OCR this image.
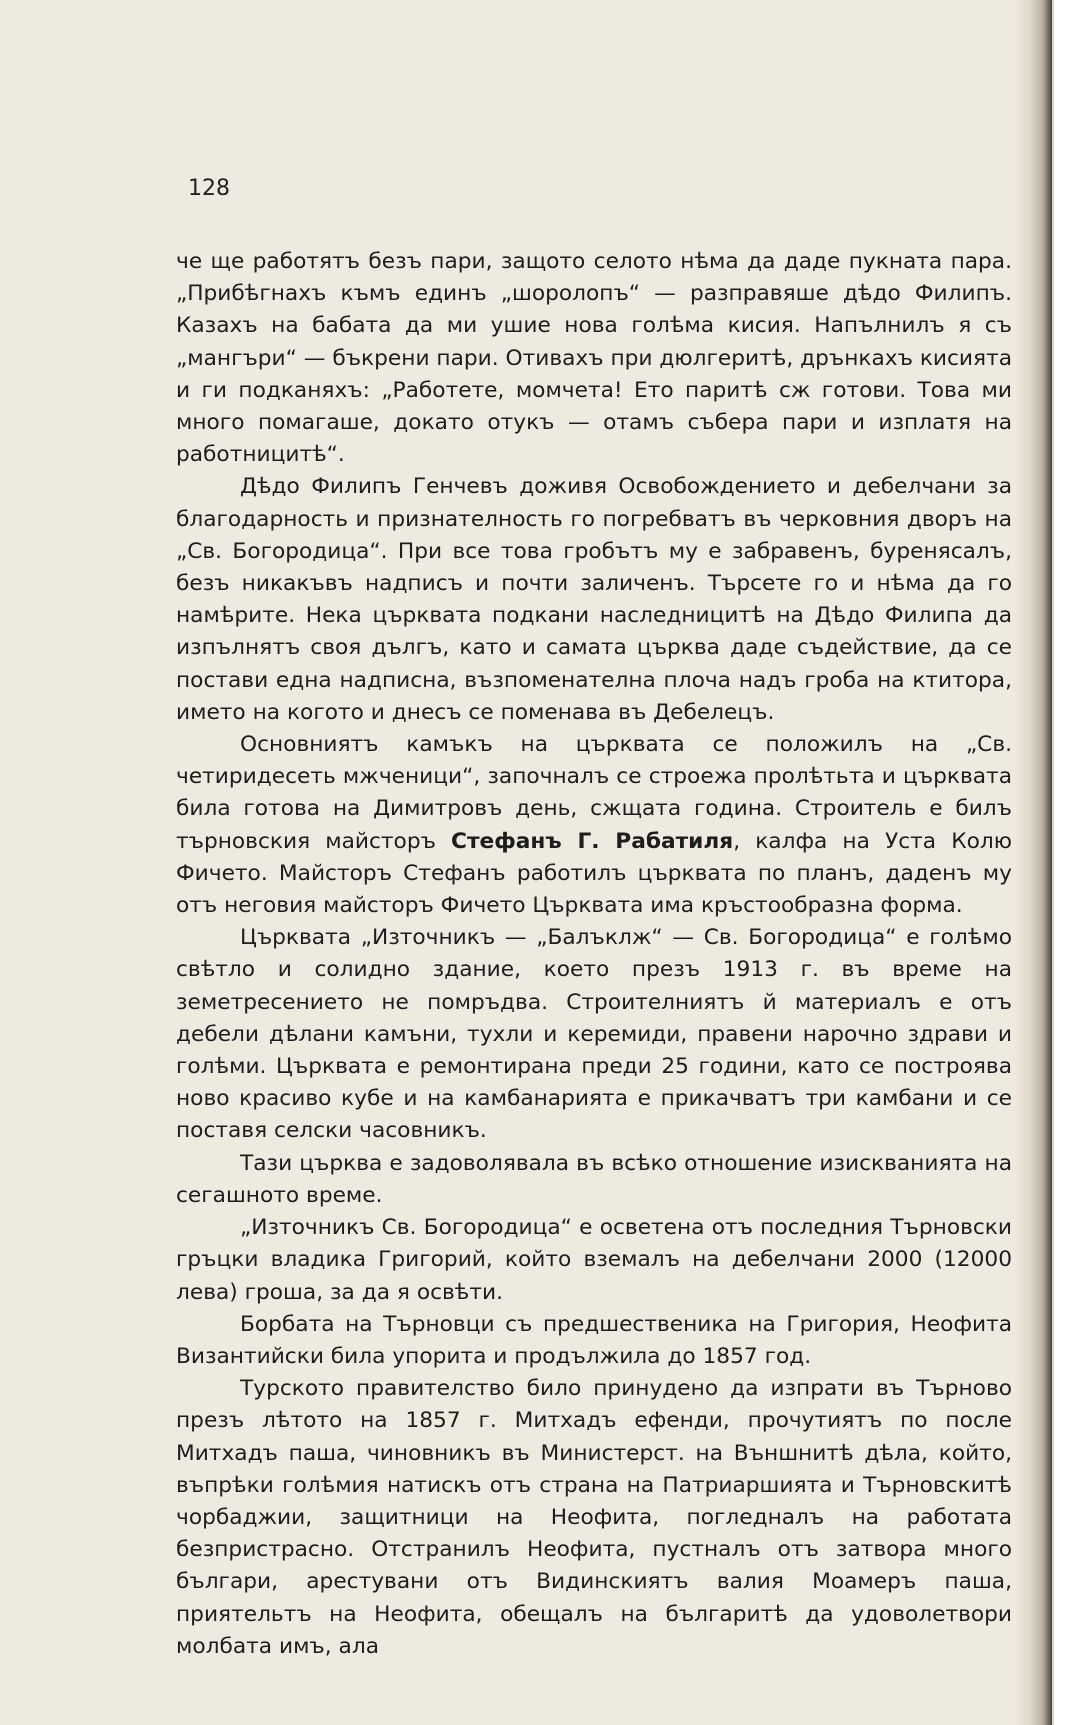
128

че ще работятъ безъ пари, защото селото нѣма да даде пукната пара. „Прибѣгнахъ къмъ единъ „шоролопъ“ — разправяше дѣдо Филипъ. Казахъ на бабата да ми ушие нова голѣма кисия. Напълнилъ я съ „мангъри“ — бъкрени пари. Отивахъ при дюлгеритѣ, дрънкахъ кисията и ги подканяхъ: „Работете, момчета! Ето паритѣ сж готови. Това ми много помагаше, докато отукъ — отамъ събера пари и изплатя на работницитѣ“.

Дѣдо Филипъ Генчевъ доживя Освобождението и дебелчани за благодарность и признателность го погребватъ въ черковния дворъ на „Св. Богородица“. При все това гробътъ му е забравенъ, буренясалъ, безъ никакъвъ надписъ и почти заличенъ. Търсете го и нѣма да го намѣрите. Нека църквата подкани наследницитѣ на Дѣдо Филипа да изпълнятъ своя дългъ, като и самата църква даде съдействие, да се постави една надписна, възпоменателна плоча надъ гроба на ктитора, името на когото и днесъ се поменава въ Дебелецъ.

Основниятъ камъкъ на църквата се положилъ на „Св. четиридесеть мжченици“, започналъ се строежа пролѣтьта и църквата била готова на Димитровъ день, сжщата година. Строитель е билъ търновския майсторъ Стефанъ Г. Рабатиля, калфа на Уста Колю Фичето. Майсторъ Стефанъ работилъ църквата по планъ, даденъ му отъ неговия майсторъ Фичето Църквата има кръстообразна форма.

Църквата „Източникъ — „Балъклж“ — Св. Богородица“ е голѣмо свѣтло и солидно здание, което презъ 1913 г. въ време на земетресението не помръдва. Строителниятъ й материалъ е отъ дебели дѣлани камъни, тухли и керемиди, правени нарочно здрави и голѣми. Църквата е ремонтирана преди 25 години, като се построява ново красиво кубе и на камбанарията е прикачватъ три камбани и се поставя селски часовникъ.

Тази църква е задоволявала въ всѣко отношение изискванията на сегашното време.

„Източникъ Св. Богородица“ е осветена отъ последния Търновски гръцки владика Григорий, който вземалъ на дебелчани 2000 (12000 лева) гроша, за да я освѣти.

Борбата на Търновци съ предшественика на Григория, Неофита Византийски била упорита и продължила до 1857 год.

Турското правителство било принудено да изпрати въ Търново презъ лѣтото на 1857 г. Митхадъ ефенди, прочутиятъ по после Митхадъ паша, чиновникъ въ Министерст. на Външнитѣ дѣла, който, въпрѣки голѣмия натискъ отъ страна на Патриаршията и Търновскитѣ чорбаджии, защитници на Неофита, погледналъ на работата безпристрасно. Отстранилъ Неофита, пустналъ отъ затвора много българи, арестувани отъ Видинскиятъ валия Моамеръ паша, приятельтъ на Неофита, обещалъ на българитѣ да удоволетвори молбата имъ, ала
